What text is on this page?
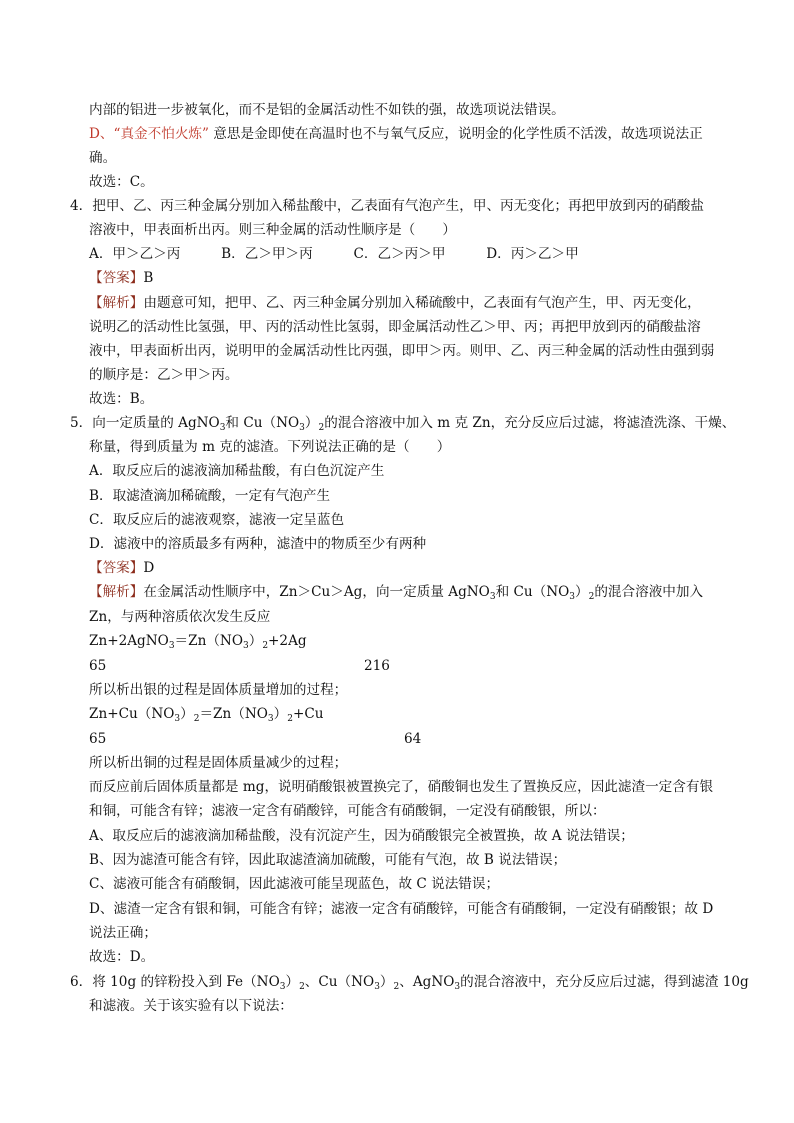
内部的铝进一步被氧化，而不是铝的金属活动性不如铁的强，故选项说法错误。
D、“真金不怕火炼” 意思是金即使在高温时也不与氧气反应，说明金的化学性质不活泼，故选项说法正
确。
故选：C。
4．把甲、乙、丙三种金属分别加入稀盐酸中，乙表面有气泡产生，甲、丙无变化；再把甲放到丙的硝酸盐
溶液中，甲表面析出丙。则三种金属的活动性顺序是（　　）
A．甲＞乙＞丙　　　B．乙＞甲＞丙　　　C．乙＞丙＞甲　　　D．丙＞乙＞甲
【答案】B
【解析】由题意可知，把甲、乙、丙三种金属分别加入稀硫酸中，乙表面有气泡产生，甲、丙无变化，
说明乙的活动性比氢强，甲、丙的活动性比氢弱，即金属活动性乙＞甲、丙；再把甲放到丙的硝酸盐溶
液中，甲表面析出丙，说明甲的金属活动性比丙强，即甲＞丙。则甲、乙、丙三种金属的活动性由强到弱
的顺序是：乙＞甲＞丙。
故选：B。
5．向一定质量的 AgNO$_3$和 $Cu(NO_3)_2$的混合溶液中加入 m 克 Zn，充分反应后过滤，将滤渣洗涤、干燥、
称量，得到质量为 m 克的滤渣。下列说法正确的是（　　）
A．取反应后的滤液滴加稀盐酸，有白色沉淀产生
B．取滤渣滴加稀硫酸，一定有气泡产生
C．取反应后的滤液观察，滤液一定呈蓝色
D．滤液中的溶质最多有两种，滤渣中的物质至少有两种
【答案】D
【解析】在金属活动性顺序中，Zn＞Cu＞Ag，向一定质量 AgNO$_3$和 $Cu(NO_3)_2$的混合溶液中加入
Zn，与两种溶质依次发生反应
$Zn+2AgNO_3=Zn(NO_3)_2+2Ag$
65	216
所以析出银的过程是固体质量增加的过程；
$Zn+Cu(NO_3)_2=Zn(NO_3)_2+Cu$
65	64
所以析出铜的过程是固体质量减少的过程；
而反应前后固体质量都是 mg，说明硝酸银被置换完了，硝酸铜也发生了置换反应，因此滤渣一定含有银
和铜，可能含有锌；滤液一定含有硝酸锌，可能含有硝酸铜，一定没有硝酸银，所以：
A、取反应后的滤液滴加稀盐酸，没有沉淀产生，因为硝酸银完全被置换，故 A 说法错误；
B、因为滤渣可能含有锌，因此取滤渣滴加硫酸，可能有气泡，故 B 说法错误；
C、滤液可能含有硝酸铜，因此滤液可能呈现蓝色，故 C 说法错误；
D、滤渣一定含有银和铜，可能含有锌；滤液一定含有硝酸锌，可能含有硝酸铜，一定没有硝酸银；故 D
说法正确；
故选：D。
6．将 10g 的锌粉投入到 $Fe(NO_3)_2$、$Cu(NO_3)_2$、AgNO$_3$的混合溶液中，充分反应后过滤，得到滤渣 10g
和滤液。关于该实验有以下说法：
